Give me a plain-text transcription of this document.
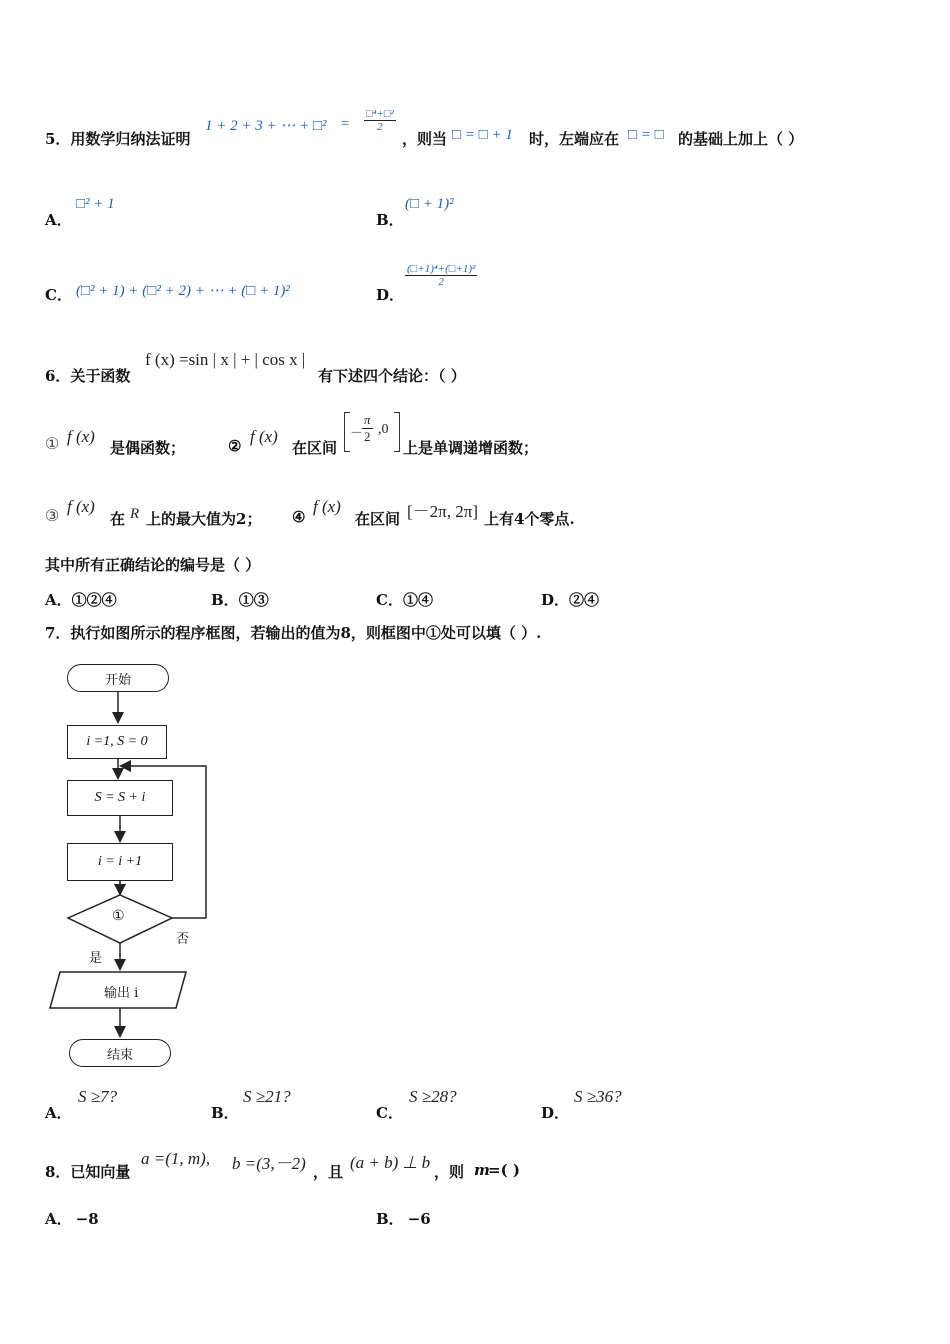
5．用数学归纳法证明
1 + 2 + 3 + ⋯ + □² = $\frac{\text{□⁴+□²}}{2}$
，则当 □ = □ + 1 时，左端应在 □ = □ 的基础上加上（ ）
A．
□² + 1
B．
(□ + 1)²
C． (□² + 1) + (□² + 2) + ⋯ + (□ + 1)²	D．
$\frac{\text{(□+1)⁴+(□+1)²}}{2}$
6．关于函数
f (x) =sin | x | + | cos x |
有下述四个结论：（ ）
① f (x)
是偶函数；	② f (x)
在区间
－
$\frac{\pi}{2} ,0$
上是单调递增函数；
③ f (x)
在 R 上的最大值为2； ④
f (x)
在区间 [－2π, 2π] 上有4个零点.
其中所有正确结论的编号是（ ）
A．①②④	B．①③	C．①④	D．②④
7．执行如图所示的程序框图，若输出的值为8，则框图中①处可以填（ ）.
开始
i =1, S = 0
S = S + i
i = i +1
①
否
是
输出 i
结束
A．
S ≥7?
B．
S ≥21?
C．
S ≥28?
D．
S ≥36?
8．已知向量
a =(1, m), b =(3,－2) ，且 (a + b) ⊥ b ，则 m
=( )
A． −8	B． −6
